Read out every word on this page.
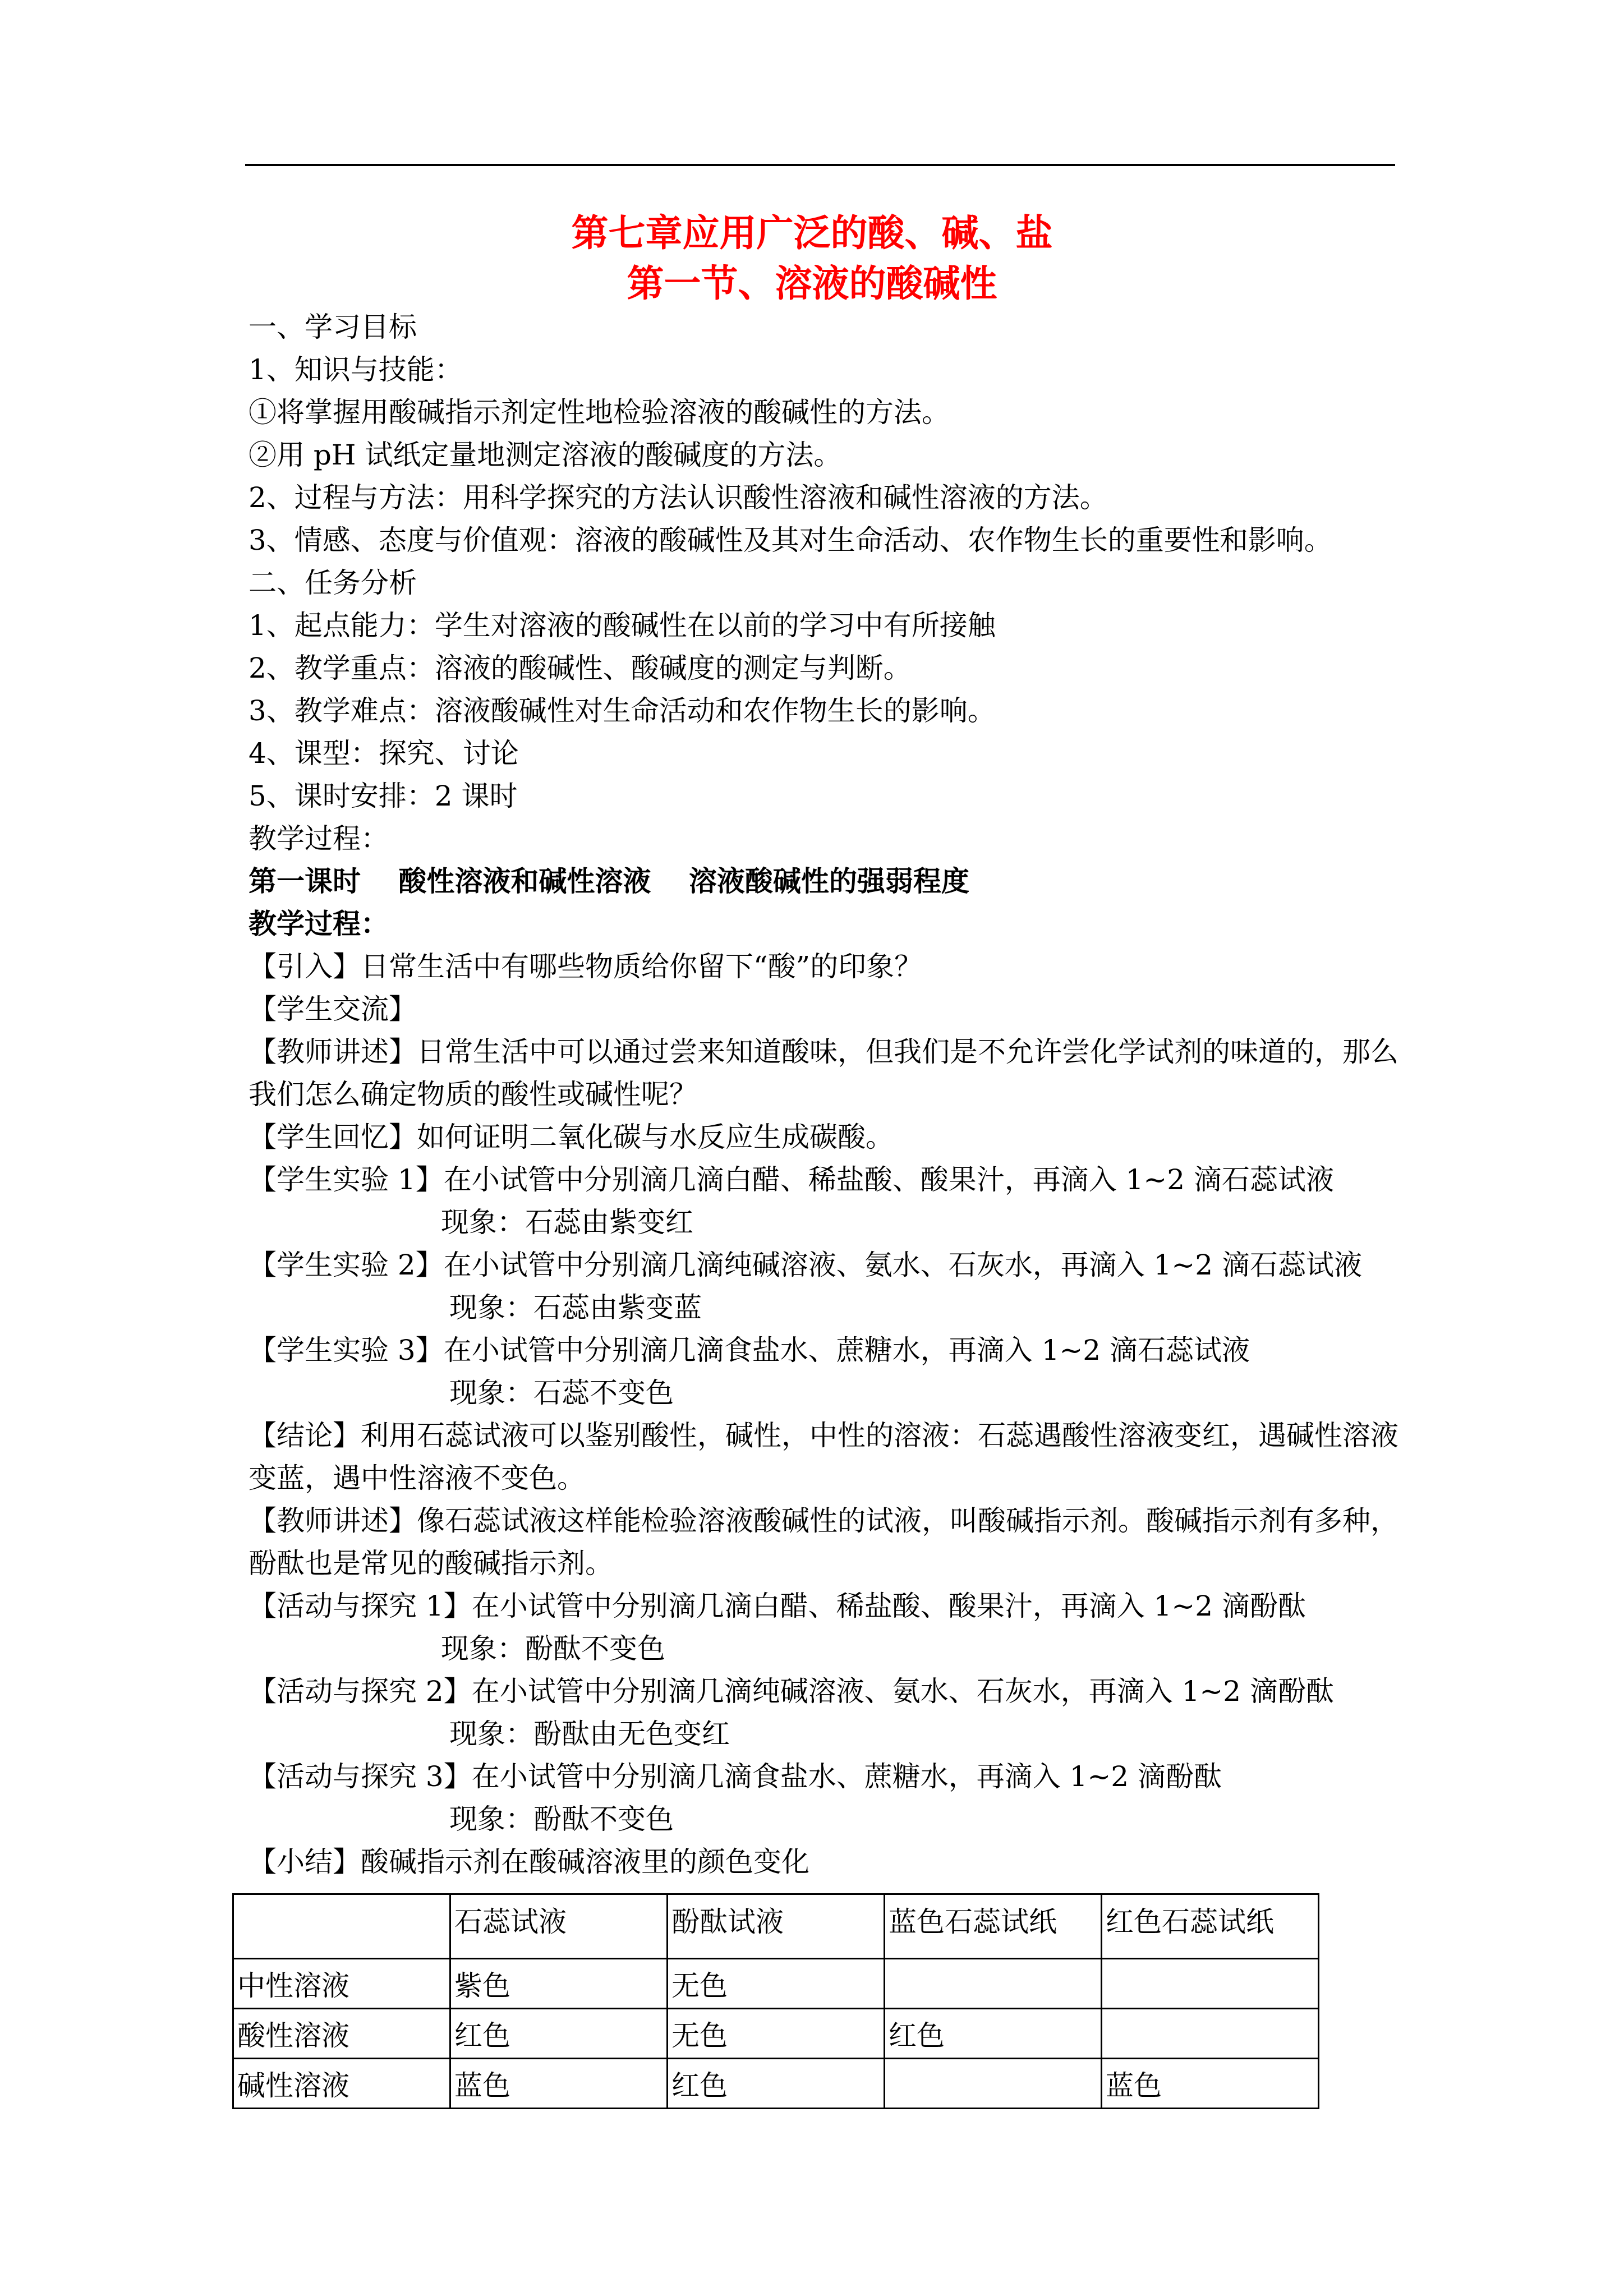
第七章应用广泛的酸、碱、盐
第一节、溶液的酸碱性
一、学习目标
1、知识与技能：
①将掌握用酸碱指示剂定性地检验溶液的酸碱性的方法。
②用 pH 试纸定量地测定溶液的酸碱度的方法。
2、过程与方法：用科学探究的方法认识酸性溶液和碱性溶液的方法。
3、情感、态度与价值观：溶液的酸碱性及其对生命活动、农作物生长的重要性和影响。
二、任务分析
1、起点能力：学生对溶液的酸碱性在以前的学习中有所接触
2、教学重点：溶液的酸碱性、酸碱度的测定与判断。
3、教学难点：溶液酸碱性对生命活动和农作物生长的影响。
4、课型：探究、讨论
5、课时安排：2 课时
教学过程：
第一课时　 酸性溶液和碱性溶液　 溶液酸碱性的强弱程度
教学过程：
【引入】日常生活中有哪些物质给你留下“酸”的印象？
【学生交流】
【教师讲述】日常生活中可以通过尝来知道酸味，但我们是不允许尝化学试剂的味道的，那么我们怎么确定物质的酸性或碱性呢？
【学生回忆】如何证明二氧化碳与水反应生成碳酸。
【学生实验 1】在小试管中分别滴几滴白醋、稀盐酸、酸果汁，再滴入 1~2 滴石蕊试液
现象：石蕊由紫变红
【学生实验 2】在小试管中分别滴几滴纯碱溶液、氨水、石灰水，再滴入 1~2 滴石蕊试液
现象：石蕊由紫变蓝
【学生实验 3】在小试管中分别滴几滴食盐水、蔗糖水，再滴入 1~2 滴石蕊试液
现象：石蕊不变色
【结论】利用石蕊试液可以鉴别酸性，碱性，中性的溶液：石蕊遇酸性溶液变红，遇碱性溶液变蓝，遇中性溶液不变色。
【教师讲述】像石蕊试液这样能检验溶液酸碱性的试液，叫酸碱指示剂。酸碱指示剂有多种，酚酞也是常见的酸碱指示剂。
【活动与探究 1】在小试管中分别滴几滴白醋、稀盐酸、酸果汁，再滴入 1~2 滴酚酞
现象：酚酞不变色
【活动与探究 2】在小试管中分别滴几滴纯碱溶液、氨水、石灰水，再滴入 1~2 滴酚酞
现象：酚酞由无色变红
【活动与探究 3】在小试管中分别滴几滴食盐水、蔗糖水，再滴入 1~2 滴酚酞
现象：酚酞不变色
【小结】酸碱指示剂在酸碱溶液里的颜色变化
	石蕊试液	酚酞试液	蓝色石蕊试纸	红色石蕊试纸
中性溶液	紫色	无色		
酸性溶液	红色	无色	红色	
碱性溶液	蓝色	红色		蓝色
